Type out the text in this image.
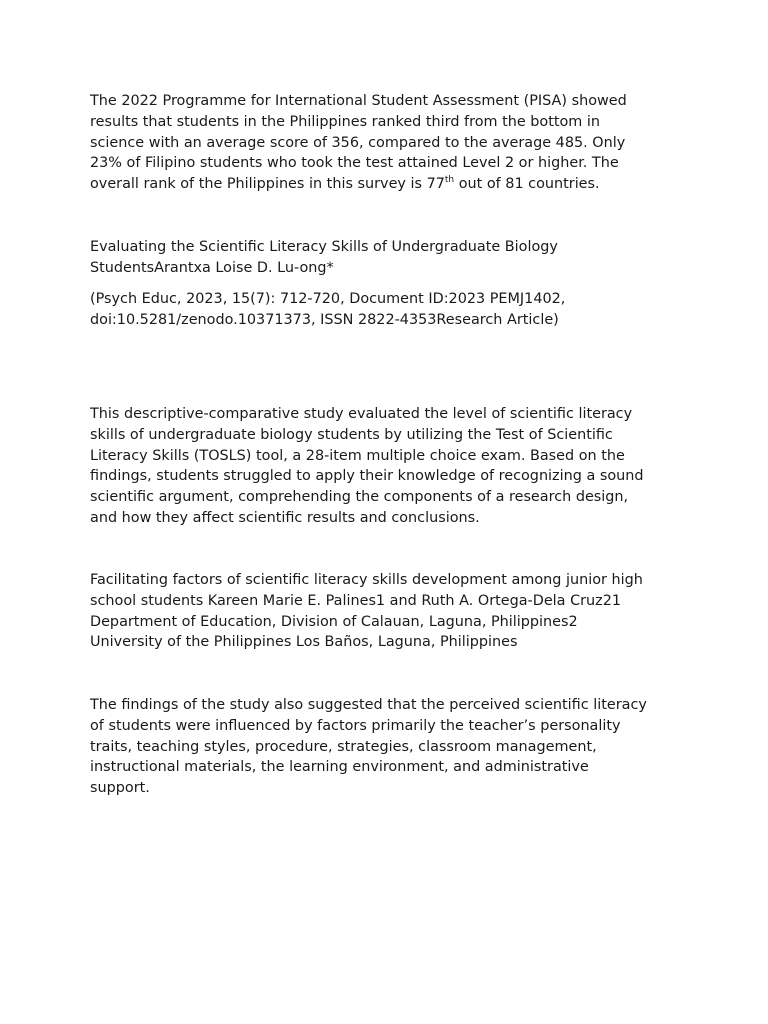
The 2022 Programme for International Student Assessment (PISA) showed
results that students in the Philippines ranked third from the bottom in
science with an average score of 356, compared to the average 485. Only
23% of Filipino students who took the test attained Level 2 or higher. The
overall rank of the Philippines in this survey is 77th out of 81 countries.

Evaluating the Scientific Literacy Skills of Undergraduate Biology
StudentsArantxa Loise D. Lu-ong*

(Psych Educ, 2023, 15(7): 712-720, Document ID:2023 PEMJ1402,
doi:10.5281/zenodo.10371373, ISSN 2822-4353Research Article)

This descriptive-comparative study evaluated the level of scientific literacy
skills of undergraduate biology students by utilizing the Test of Scientific
Literacy Skills (TOSLS) tool, a 28-item multiple choice exam. Based on the
findings, students struggled to apply their knowledge of recognizing a sound
scientific argument, comprehending the components of a research design,
and how they affect scientific results and conclusions.

Facilitating factors of scientific literacy skills development among junior high
school students Kareen Marie E. Palines1 and Ruth A. Ortega-Dela Cruz21
Department of Education, Division of Calauan, Laguna, Philippines2
University of the Philippines Los Baños, Laguna, Philippines

The findings of the study also suggested that the perceived scientific literacy
of students were influenced by factors primarily the teacher’s personality
traits, teaching styles, procedure, strategies, classroom management,
instructional materials, the learning environment, and administrative
support.
